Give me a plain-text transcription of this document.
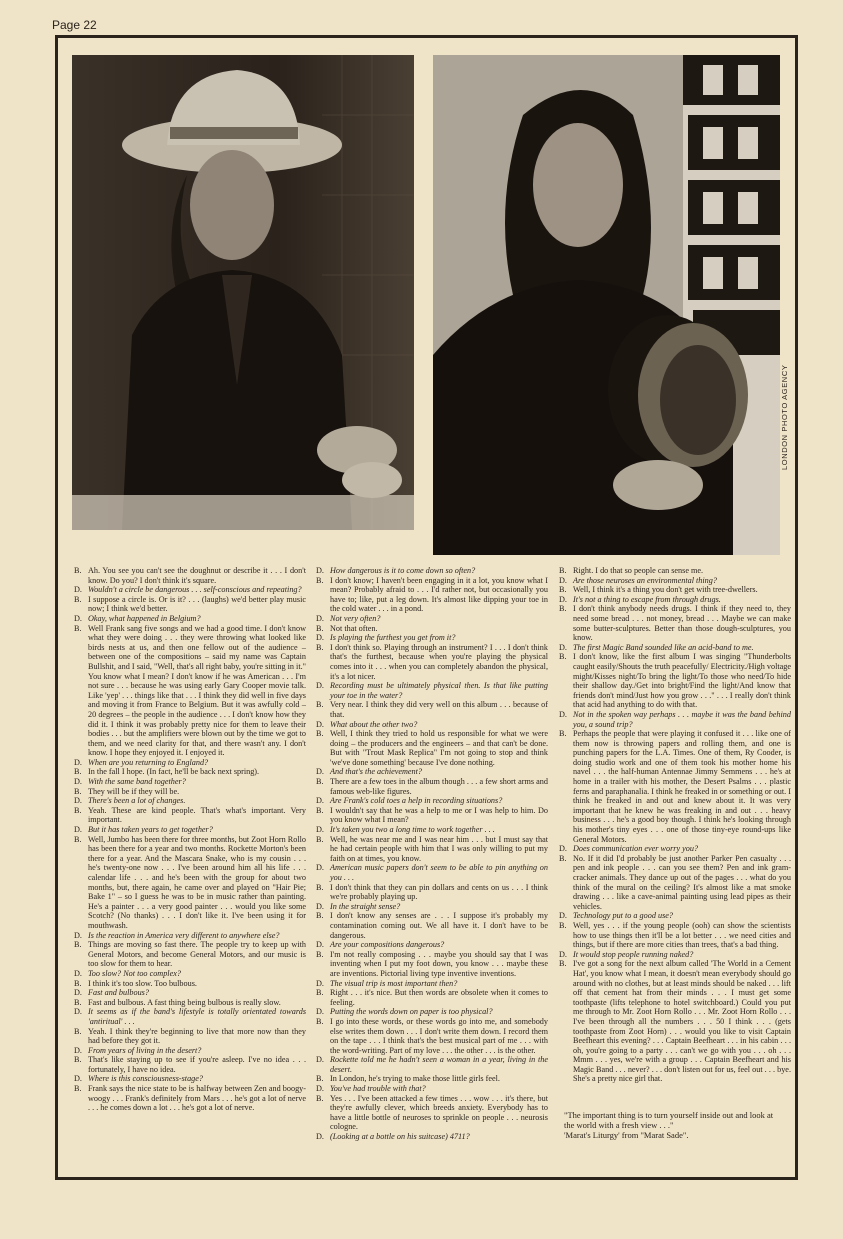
Page 22
LONDON PHOTO AGENCY
B. Ah. You see you can't see the doughnut or describe it . . . I don't know. Do you? I don't think it's square.
D. Wouldn't a circle be dangerous . . . self-conscious and repeating?
B. I suppose a circle is. Or is it? . . . (laughs) we'd better play music now; I think we'd better.
D. Okay, what happened in Belgium?
B. Well Frank sang five songs and we had a good time. I don't know what they were doing . . . they were throwing what looked like birds nests at us, and then one fellow out of the audience – between one of the compositions – said my name was Captain Bullshit, and I said, "Well, that's all right baby, you're sitting in it." You know what I mean? I don't know if he was American . . . I'm not sure . . . because he was using early Gary Cooper movie talk. Like 'yep' . . . things like that . . . I think they did well in five days and moving it from France to Belgium. But it was awfully cold – 20 degrees – the people in the audience . . . I don't know how they did it. I think it was probably pretty nice for them to leave their bodies . . . but the amplifiers were blown out by the time we got to them, and we need clarity for that, and there wasn't any. I don't know. I hope they enjoyed it. I enjoyed it.
D. When are you returning to England?
B. In the fall I hope. (In fact, he'll be back next spring).
D. With the same band together?
B. They will be if they will be.
D. There's been a lot of changes.
B. Yeah. These are kind people. That's what's important. Very important.
D. But it has taken years to get together?
B. Well, Jumbo has been there for three months, but Zoot Horn Rollo has been there for a year and two months. Rockette Morton's been there for a year. And the Mascara Snake, who is my cousin . . . he's twenty-one now . . . I've been around him all his life . . . calendar life . . . and he's been with the group for about two months, but, there again, he came over and played on "Hair Pie; Bake 1" – so I guess he was to be in music rather than painting. He's a painter . . . a very good painter . . . would you like some Scotch? (No thanks) . . . I don't like it. I've been using it for mouthwash.
D. Is the reaction in America very different to anywhere else?
B. Things are moving so fast there. The people try to keep up with General Motors, and become General Motors, and our music is too slow for them to hear.
D. Too slow? Not too complex?
B. I think it's too slow. Too bulbous.
D. Fast and bulbous?
B. Fast and bulbous. A fast thing being bulbous is really slow.
D. It seems as if the band's lifestyle is totally orientated towards 'antiritual' . . .
B. Yeah. I think they're beginning to live that more now than they had before they got it.
D. From years of living in the desert?
B. That's like staying up to see if you're asleep. I've no idea . . . fortunately, I have no idea.
D. Where is this consciousness-stage?
B. Frank says the nice state to be is halfway between Zen and boogy-woogy . . . Frank's definitely from Mars . . . he's got a lot of nerve . . . he comes down a lot . . . he's got a lot of nerve.
D. How dangerous is it to come down so often?
B. I don't know; I haven't been engaging in it a lot, you know what I mean? Probably afraid to . . . I'd rather not, but occasionally you have to; like, put a leg down. It's almost like dipping your toe in the cold water . . . in a pond.
D. Not very often?
B. Not that often.
D. Is playing the furthest you get from it?
B. I don't think so. Playing through an instrument? I . . . I don't think that's the furthest, because when you're playing the physical comes into it . . . when you can completely abandon the physical, it's a lot nicer.
D. Recording must be ultimately physical then. Is that like putting your toe in the water?
B. Very near. I think they did very well on this album . . . because of that.
D. What about the other two?
B. Well, I think they tried to hold us responsible for what we were doing – the producers and the engineers – and that can't be done. But with "Trout Mask Replica" I'm not going to stop and think 'we've done something' because I've done nothing.
D. And that's the achievement?
B. There are a few toes in the album though . . . a few short arms and famous web-like figures.
D. Are Frank's cold toes a help in recording situations?
B. I wouldn't say that he was a help to me or I was help to him. Do you know what I mean?
D. It's taken you two a long time to work together . . .
B. Well, he was near me and I was near him . . . but I must say that he had certain people with him that I was only willing to put my faith on at times, you know.
D. American music papers don't seem to be able to pin anything on you . . .
B. I don't think that they can pin dollars and cents on us . . . I think we're probably playing up.
D. In the straight sense?
B. I don't know any senses are . . . I suppose it's probably my contamination coming out. We all have it. I don't have to be dangerous.
D. Are your compositions dangerous?
B. I'm not really composing . . . maybe you should say that I was inventing when I put my foot down, you know . . . maybe these are inventions. Pictorial living type inventive inventions.
D. The visual trip is most important then?
B. Right . . . it's nice. But then words are obsolete when it comes to feeling.
D. Putting the words down on paper is too physical?
B. I go into these words, or these words go into me, and somebody else writes them down . . . I don't write them down. I record them on the tape . . . I think that's the best musical part of me . . . with the word-writing. Part of my love . . . the other . . . is the other.
D. Rockette told me he hadn't seen a woman in a year, living in the desert.
B. In London, he's trying to make those little girls feel.
D. You've had trouble with that?
B. Yes . . . I've been attacked a few times . . . wow . . . it's there, but they're awfully clever, which breeds anxiety. Everybody has to have a little bottle of neuroses to sprinkle on people . . . neurosis cologne.
D. (Looking at a bottle on his suitcase) 4711?
B. Right. I do that so people can sense me.
D. Are those neuroses an environmental thing?
B. Well, I think it's a thing you don't get with tree-dwellers.
D. It's not a thing to escape from through drugs.
B. I don't think anybody needs drugs. I think if they need to, they need some bread . . . not money, bread . . . Maybe we can make some butter-sculptures. Better than those dough-sculptures, you know.
D. The first Magic Band sounded like an acid-band to me.
B. I don't know, like the first album I was singing "Thunderbolts caught easily/Shouts the truth peacefully/ Electricity./High voltage might/Kisses night/To bring the light/To those who need/To hide their shallow day./Get into bright/Find the light/And know that friends don't mind/Just how you grow . . ." . . . I really don't think that acid had anything to do with that.
D. Not in the spoken way perhaps . . . maybe it was the band behind you, a sound trip?
B. Perhaps the people that were playing it confused it . . . like one of them now is throwing papers and rolling them, and one is punching papers for the L.A. Times. One of them, Ry Cooder, is doing studio work and one of them took his mother home his navel . . . the half-human Antennae Jimmy Semmens . . . he's at home in a trailer with his mother, the Desert Psalms . . . plastic ferns and paraphanalia. I think he freaked in or something or out. I think he freaked in and out and knew about it. It was very important that he knew he was freaking in and out . . . heavy business . . . he's a good boy though. I think he's looking through his mother's tiny eyes . . . one of those tiny-eye round-ups like General Motors.
D. Does communication ever worry you?
B. No. If it did I'd probably be just another Parker Pen casualty . . . pen and ink people . . . can you see them? Pen and ink gram-cracker animals. They dance up out of the pages . . . what do you think of the mural on the ceiling? It's almost like a mat smoke drawing . . . like a cave-animal painting using lead pipes as their vehicles.
D. Technology put to a good use?
B. Well, yes . . . if the young people (ooh) can show the scientists how to use things then it'll be a lot better . . . we need cities and things, but if there are more cities than trees, that's a bad thing.
D. It would stop people running naked?
B. I've got a song for the next album called 'The World in a Cement Hat', you know what I mean, it doesn't mean everybody should go around with no clothes, but at least minds should be naked . . . lift off that cement hat from their minds . . . I must get some toothpaste (lifts telephone to hotel switchboard.) Could you put me through to Mr. Zoot Horn Rollo . . . Mr. Zoot Horn Rollo . . . I've been through all the numbers . . . 50 I think . . . (gets toothpaste from Zoot Horn) . . . would you like to visit Captain Beefheart this evening? . . . Captain Beefheart . . . in his cabin . . . oh, you're going to a party . . . can't we go with you . . . oh . . . Mmm . . . yes, we're with a group . . . Captain Beefheart and his Magic Band . . . never? . . . don't listen out for us, feel out . . . bye. She's a pretty nice girl that.
"The important thing is to turn yourself inside out and look at the world with a fresh view . . ."
'Marat's Liturgy' from "Marat Sade".
